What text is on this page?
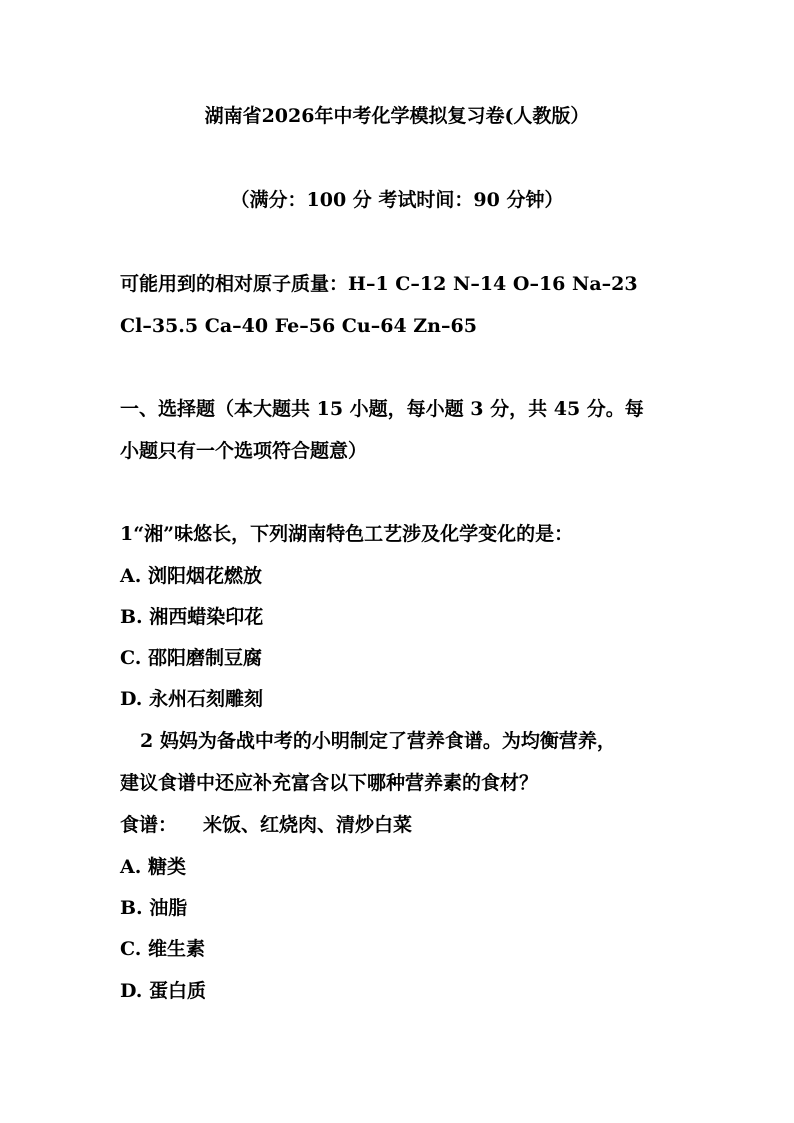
湖南省2026年中考化学模拟复习卷(人教版）
（满分：100 分 考试时间：90 分钟）
可能用到的相对原子质量：H–1 C–12 N–14 O–16 Na–23
Cl–35.5 Ca–40 Fe–56 Cu–64 Zn–65
一、选择题（本大题共 15 小题，每小题 3 分，共 45 分。每
小题只有一个选项符合题意）
1“湘”味悠长，下列湖南特色工艺涉及化学变化的是：
A. 浏阳烟花燃放
B. 湘西蜡染印花
C. 邵阳磨制豆腐
D. 永州石刻雕刻
2 妈妈为备战中考的小明制定了营养食谱。为均衡营养，
建议食谱中还应补充富含以下哪种营养素的食材？
食谱： 米饭、红烧肉、清炒白菜
A. 糖类
B. 油脂
C. 维生素
D. 蛋白质
